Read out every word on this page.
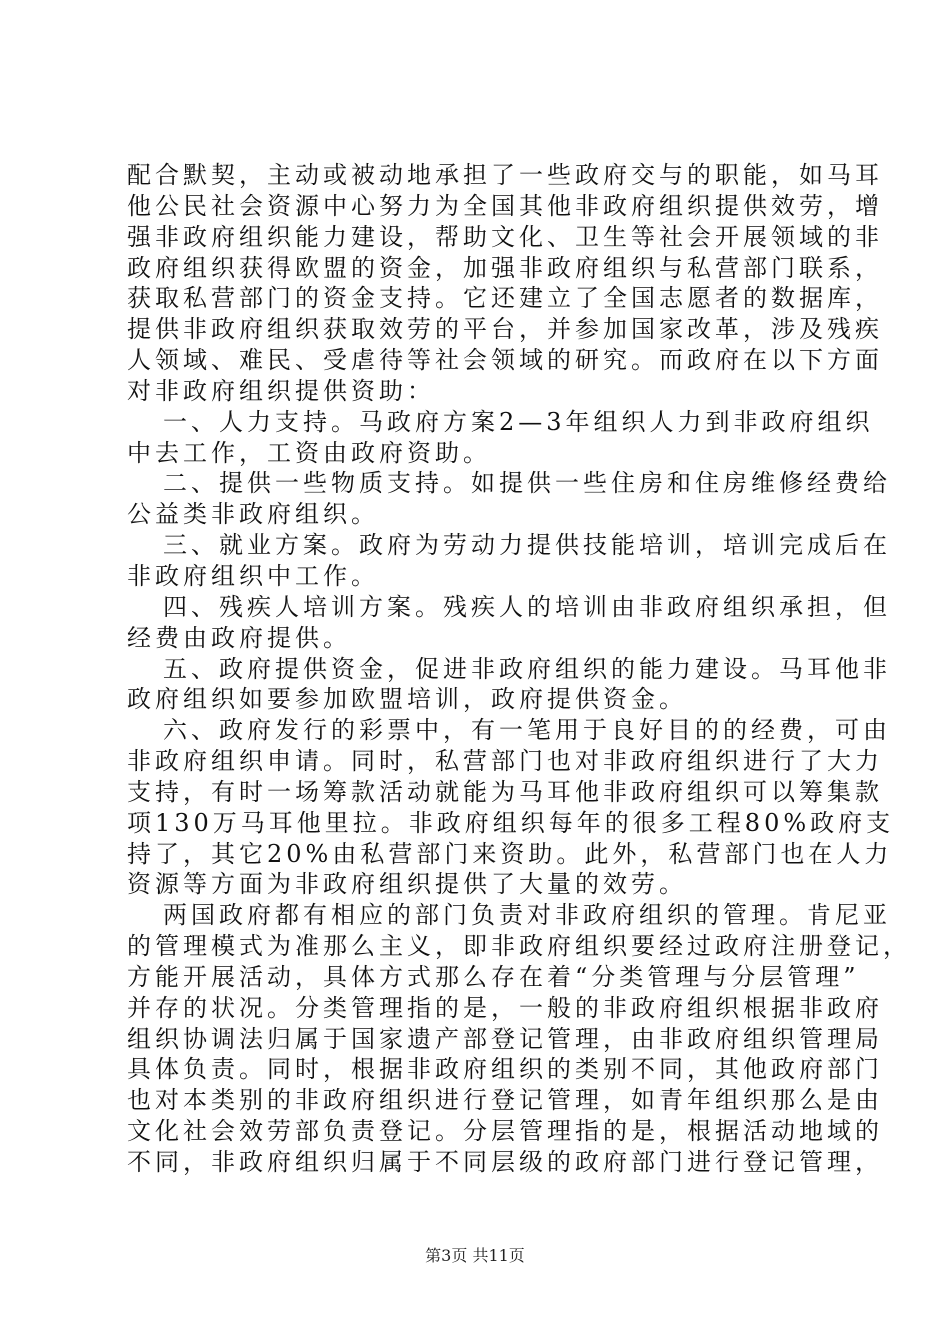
配合默契，主动或被动地承担了一些政府交与的职能，如马耳
他公民社会资源中心努力为全国其他非政府组织提供效劳，增
强非政府组织能力建设，帮助文化、卫生等社会开展领域的非
政府组织获得欧盟的资金，加强非政府组织与私营部门联系，
获取私营部门的资金支持。它还建立了全国志愿者的数据库，
提供非政府组织获取效劳的平台，并参加国家改革，涉及残疾
人领域、难民、受虐待等社会领域的研究。而政府在以下方面
对非政府组织提供资助：
一、人力支持。马政府方案2—3年组织人力到非政府组织
中去工作，工资由政府资助。
二、提供一些物质支持。如提供一些住房和住房维修经费给
公益类非政府组织。
三、就业方案。政府为劳动力提供技能培训，培训完成后在
非政府组织中工作。
四、残疾人培训方案。残疾人的培训由非政府组织承担，但
经费由政府提供。
五、政府提供资金，促进非政府组织的能力建设。马耳他非
政府组织如要参加欧盟培训，政府提供资金。
六、政府发行的彩票中，有一笔用于良好目的的经费，可由
非政府组织申请。同时，私营部门也对非政府组织进行了大力
支持，有时一场筹款活动就能为马耳他非政府组织可以筹集款
项130万马耳他里拉。非政府组织每年的很多工程80%政府支
持了，其它20%由私营部门来资助。此外，私营部门也在人力
资源等方面为非政府组织提供了大量的效劳。
两国政府都有相应的部门负责对非政府组织的管理。肯尼亚
的管理模式为准那么主义，即非政府组织要经过政府注册登记，
方能开展活动，具体方式那么存在着“分类管理与分层管理”
并存的状况。分类管理指的是，一般的非政府组织根据非政府
组织协调法归属于国家遗产部登记管理，由非政府组织管理局
具体负责。同时，根据非政府组织的类别不同，其他政府部门
也对本类别的非政府组织进行登记管理，如青年组织那么是由
文化社会效劳部负责登记。分层管理指的是，根据活动地域的
不同，非政府组织归属于不同层级的政府部门进行登记管理，
第3页 共11页
